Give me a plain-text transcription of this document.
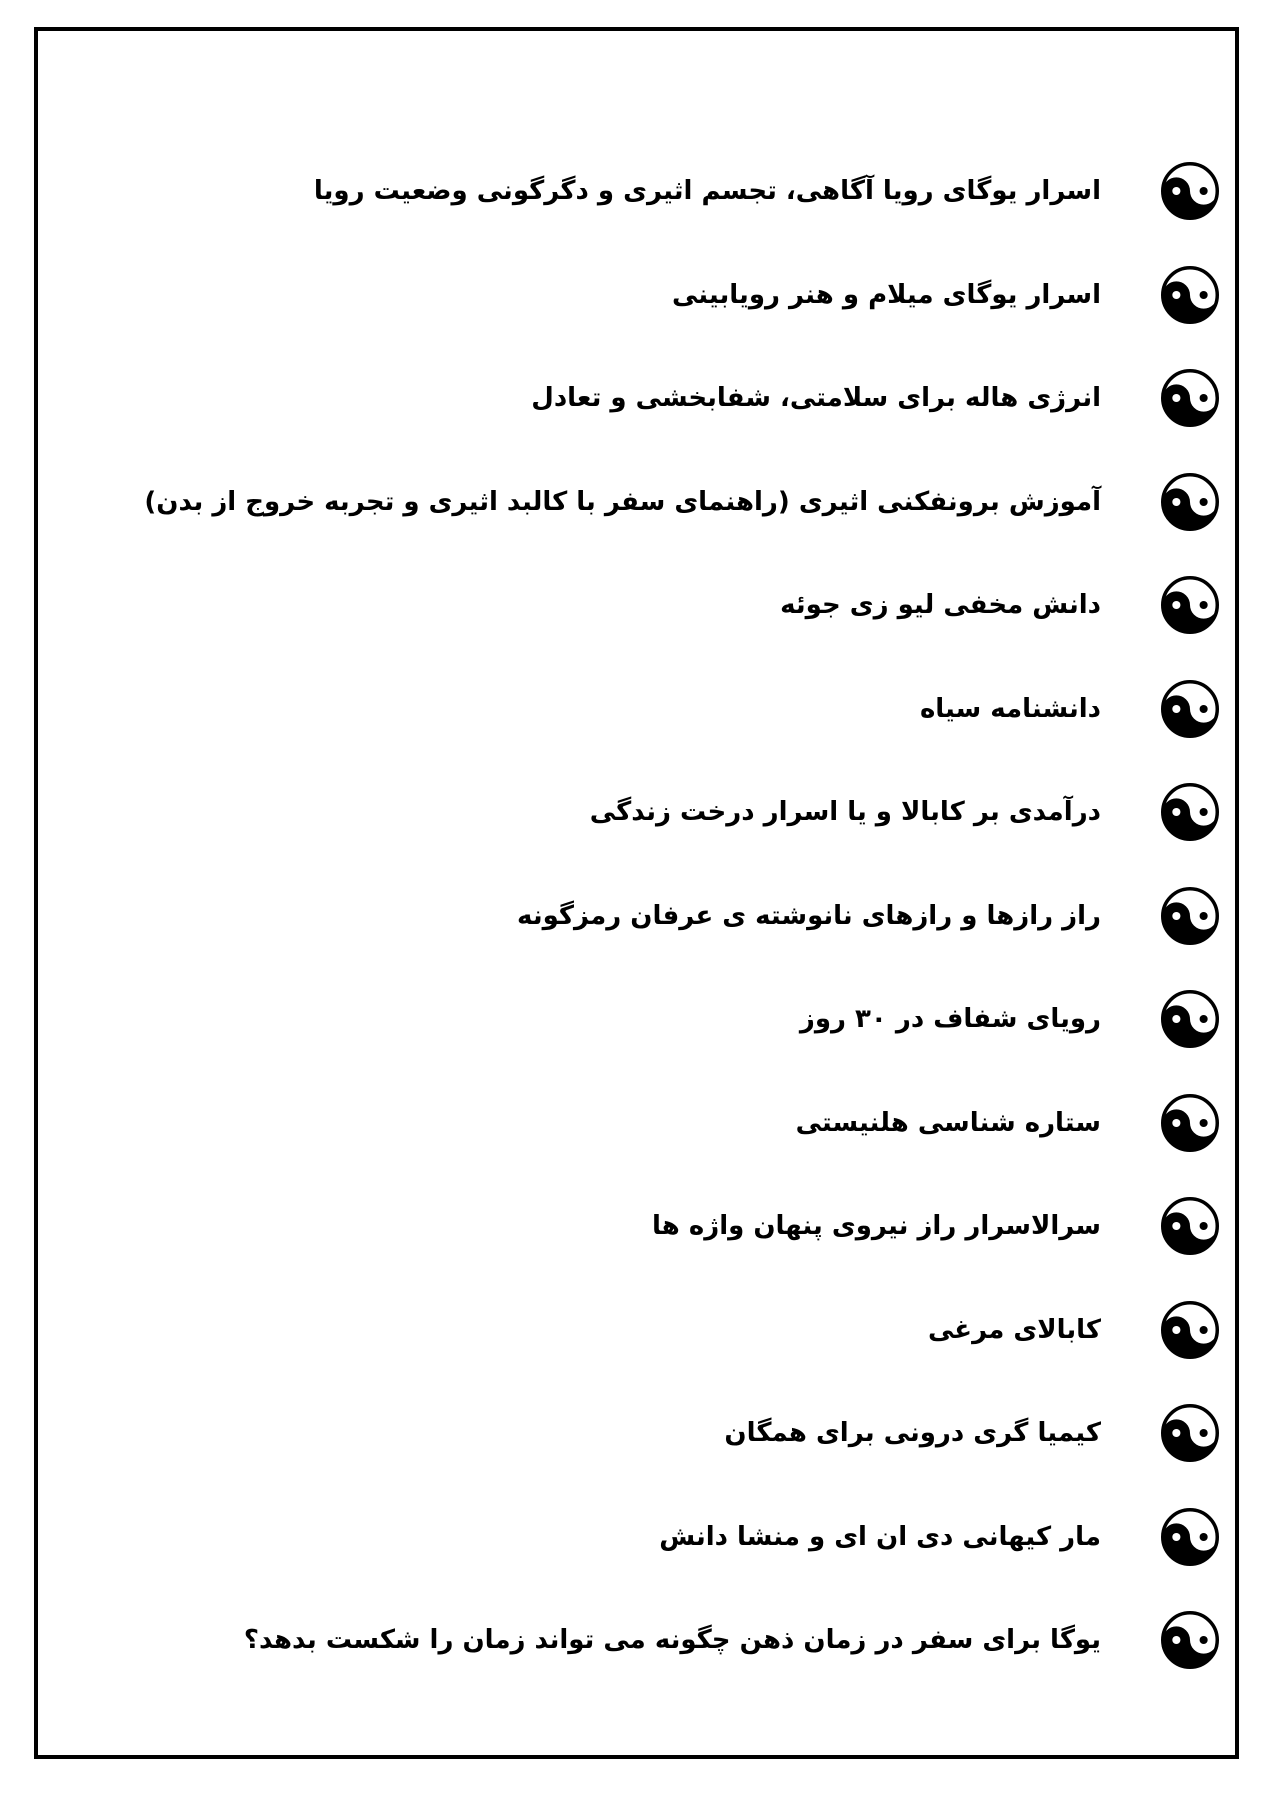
اسرار یوگای رویا آگاهی، تجسم اثیری و دگرگونی وضعیت رویا
اسرار یوگای میلام و هنر رویابینی
انرژی هاله برای سلامتی، شفابخشی و تعادل
آموزش برونفکنی اثیری (راهنمای سفر با کالبد اثیری و تجربه خروج از بدن)
دانش مخفی لیو زی جوئه
دانشنامه سیاه
درآمدی بر کابالا و یا اسرار درخت زندگی
راز رازها و رازهای نانوشته ی عرفان رمزگونه
رویای شفاف در ۳۰ روز
ستاره شناسی هلنیستی
سرالاسرار راز نیروی پنهان واژه ها
کابالای مرغی
کیمیا گری درونی برای همگان
مار کیهانی دی ان ای و منشا دانش
یوگا برای سفر در زمان ذهن چگونه می تواند زمان را شکست بدهد؟
